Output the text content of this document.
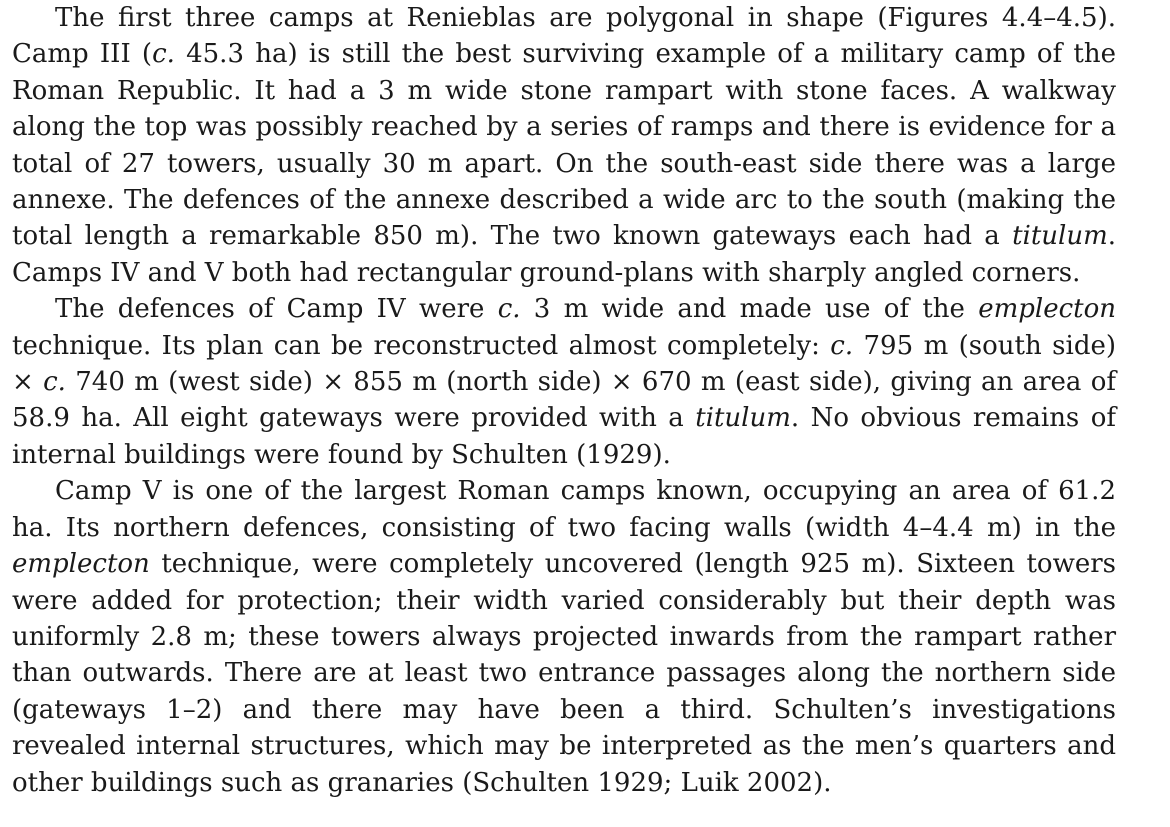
The first three camps at Renieblas are polygonal in shape (Figures 4.4–4.5). Camp III (c. 45.3 ha) is still the best surviving example of a military camp of the Roman Republic. It had a 3 m wide stone rampart with stone faces. A walkway along the top was possibly reached by a series of ramps and there is evidence for a total of 27 towers, usually 30 m apart. On the south-east side there was a large annexe. The defences of the annexe described a wide arc to the south (making the total length a remarkable 850 m). The two known gateways each had a titulum. Camps IV and V both had rectangular ground-plans with sharply angled corners.

The defences of Camp IV were c. 3 m wide and made use of the emplecton technique. Its plan can be reconstructed almost completely: c. 795 m (south side) × c. 740 m (west side) × 855 m (north side) × 670 m (east side), giving an area of 58.9 ha. All eight gateways were provided with a titulum. No obvious remains of internal buildings were found by Schulten (1929).

Camp V is one of the largest Roman camps known, occupying an area of 61.2 ha. Its northern defences, consisting of two facing walls (width 4–4.4 m) in the emplecton technique, were completely uncovered (length 925 m). Sixteen towers were added for protection; their width varied considerably but their depth was uniformly 2.8 m; these towers always projected inwards from the rampart rather than outwards. There are at least two entrance passages along the northern side (gateways 1–2) and there may have been a third. Schulten’s investigations revealed internal structures, which may be interpreted as the men’s quarters and other buildings such as granaries (Schulten 1929; Luik 2002).
